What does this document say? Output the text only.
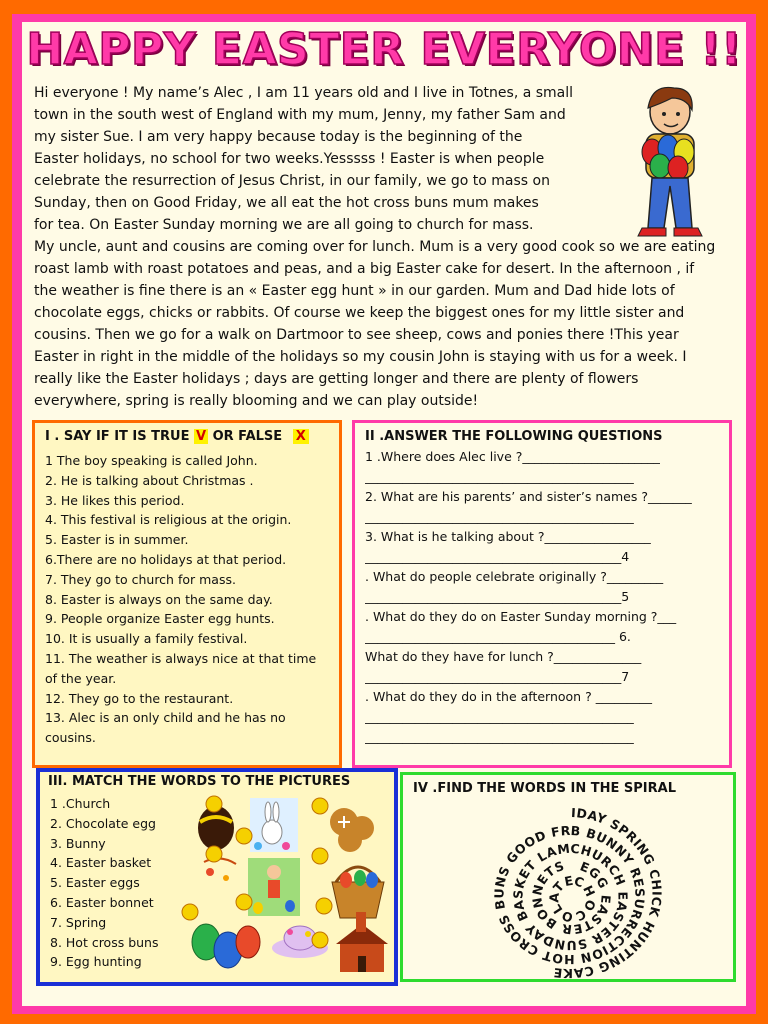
HAPPY EASTER EVERYONE !!
Hi everyone ! My name’s Alec , I am 11 years old and I live in Totnes, a small
town in the south west of England with my mum, Jenny, my father Sam and
my sister Sue. I am very happy because today is the beginning of the
Easter holidays, no school for two weeks.Yesssss ! Easter is when people
celebrate the resurrection of Jesus Christ, in our family, we go to mass on
Sunday, then on Good Friday, we all eat the hot cross buns mum makes
for tea. On Easter Sunday morning we are all going to church for mass.
My uncle, aunt and cousins are coming over for lunch. Mum is a very good cook so we are eating
roast lamb with roast potatoes and peas, and a big Easter cake for desert. In the afternoon , if
the weather is fine there is an « Easter egg hunt » in our garden. Mum and Dad hide lots of
chocolate eggs, chicks or rabbits. Of course we keep the biggest ones for my little sister and
cousins. Then we go for a walk on Dartmoor to see sheep, cows and ponies there !This year
Easter in right in the middle of the holidays so my cousin John is staying with us for a week. I
really like the Easter holidays ; days are getting longer and there are plenty of flowers
everywhere, spring is really blooming and we can play outside!
I . SAY IF IT IS TRUE V OR FALSE X
1 The boy speaking is called John.
2. He is talking about Christmas .
3. He likes this period.
4. This festival is religious at the origin.
5. Easter is in summer.
6.There are no holidays at that period.
7. They go to church for mass.
8. Easter is always on the same day.
9. People organize Easter egg hunts.
10. It is usually a family festival.
11. The weather is always nice at that time
of the year.
12. They go to the restaurant.
13. Alec is an only child and he has no
cousins.
II .ANSWER THE FOLLOWING QUESTIONS
1 .Where does Alec live ?______________________
___________________________________________
2. What are his parents’ and sister’s names ?_______
___________________________________________
3. What is he talking about ?_________________
_________________________________________4
. What do people celebrate originally ?_________
_________________________________________5
. What do they do on Easter Sunday morning ?___
________________________________________ 6.
What do they have for lunch ?______________
_________________________________________7
. What do they do in the afternoon ? _________
___________________________________________
___________________________________________
III. MATCH THE WORDS TO THE PICTURES
1 .Church
2. Chocolate egg
3. Bunny
4. Easter basket
5. Easter eggs
6. Easter bonnet
7. Spring
8. Hot cross buns
9. Egg hunting
IV .FIND THE WORDS IN THE SPIRAL
CHOCOLATE EGG EASTER BONNETS CHURCH EASTER SUNDAY BASKET LAMB BUNNY RESURRECTION HOT CROSS BUNS GOOD FRIDAY SPRING CHICK HUNTING CAKE
